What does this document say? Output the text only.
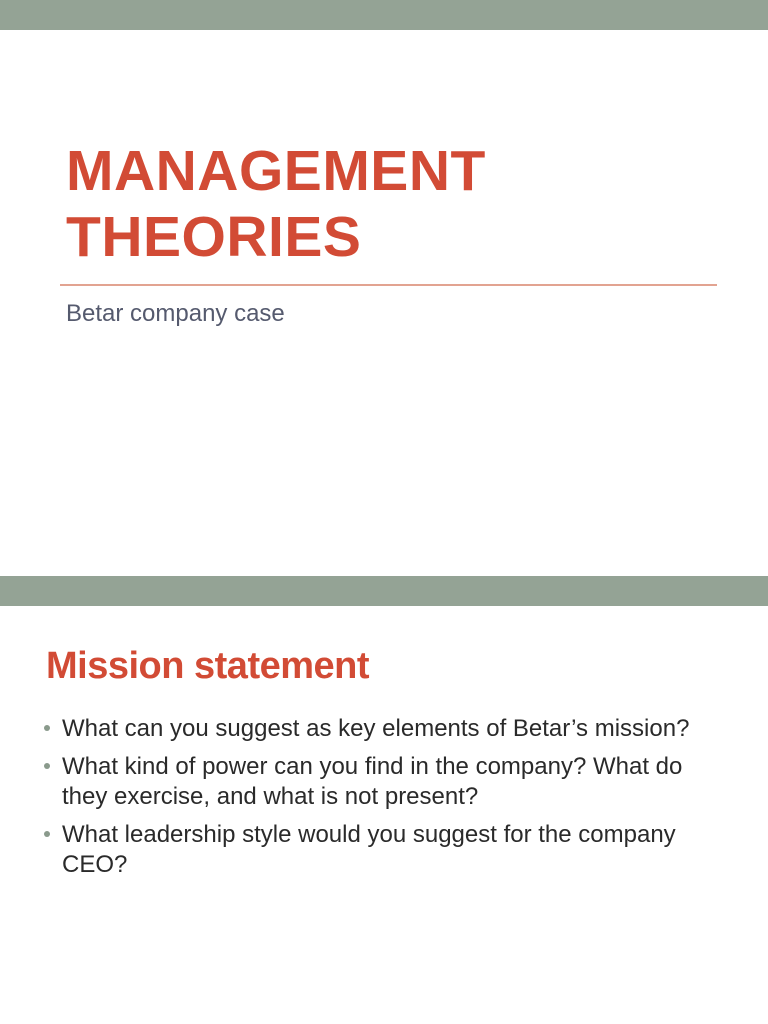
MANAGEMENT
THEORIES

Betar company case

Mission statement
What can you suggest as key elements of Betar’s mission?
What kind of power can you find in the company? What do they exercise, and what is not present?
What leadership style would you suggest for the company CEO?
